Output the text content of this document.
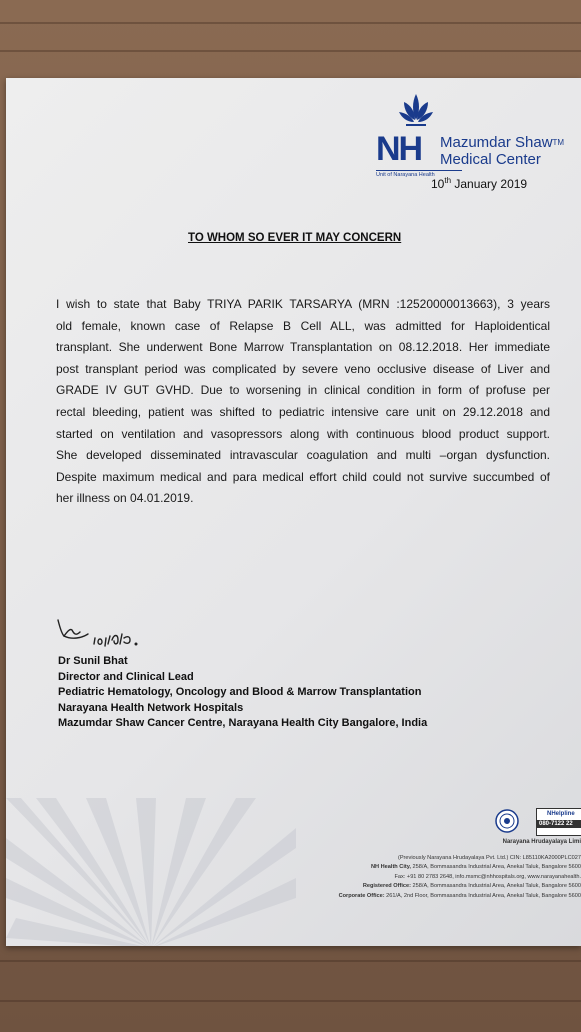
NH Mazumdar Shaw™
Medical Center
Unit of Narayana Health
10th January 2019
TO WHOM SO EVER IT MAY CONCERN
I wish to state that Baby TRIYA PARIK TARSARYA (MRN :12520000013663), 3 years
old female, known case of Relapse B Cell ALL, was admitted for Haploidentical
transplant. She underwent Bone Marrow Transplantation on 08.12.2018. Her immediate
post transplant period was complicated by severe veno occlusive disease of Liver and
GRADE IV GUT GVHD. Due to worsening in clinical condition in form of profuse per
rectal bleeding, patient was shifted to pediatric intensive care unit on 29.12.2018 and
started on ventilation and vasopressors along with continuous blood product support.
She developed disseminated intravascular coagulation and multi –organ dysfunction.
Despite maximum medical and para medical effort child could not survive succumbed of
her illness on 04.01.2019.
Dr Sunil Bhat
Director and Clinical Lead
Pediatric Hematology, Oncology and Blood & Marrow Transplantation
Narayana Health Network Hospitals
Mazumdar Shaw Cancer Centre, Narayana Health City Bangalore, India
NHelpline
080-7122 22
Narayana Hrudayalaya Limi
(Previously Narayana Hrudayalaya Pvt. Ltd.) CIN: L85110KA2000PLC027
NH Health City, 258/A, Bommasandra Industrial Area, Anekal Taluk, Bangalore 5600
Fax: +91 80 2783 2648, info.msmc@nhhospitals.org, www.narayanahealth.
Registered Office: 258/A, Bommasandra Industrial Area, Anekal Taluk, Bangalore 5600
Corporate Office: 261/A, 2nd Floor, Bommasandra Industrial Area, Anekal Taluk, Bangalore 5600
